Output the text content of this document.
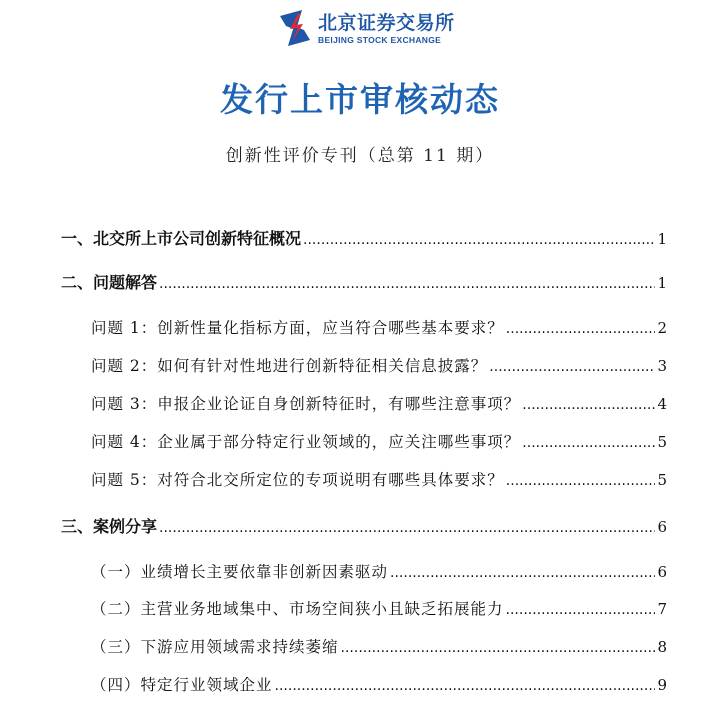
北京证券交易所
BEIJING STOCK EXCHANGE
发行上市审核动态
创新性评价专刊（总第 11 期）
一、北交所上市公司创新特征概况 .....	1
二、问题解答 .....	1
问题 1：创新性量化指标方面，应当符合哪些基本要求？ .....	2
问题 2：如何有针对性地进行创新特征相关信息披露？ .....	3
问题 3：申报企业论证自身创新特征时，有哪些注意事项？ .....	4
问题 4：企业属于部分特定行业领域的，应关注哪些事项？ .....	5
问题 5：对符合北交所定位的专项说明有哪些具体要求？ .....	5
三、案例分享 .....	6
（一）业绩增长主要依靠非创新因素驱动 .....	6
（二）主营业务地域集中、市场空间狭小且缺乏拓展能力 .....	7
（三）下游应用领域需求持续萎缩 .....	8
（四）特定行业领域企业 .....	9
